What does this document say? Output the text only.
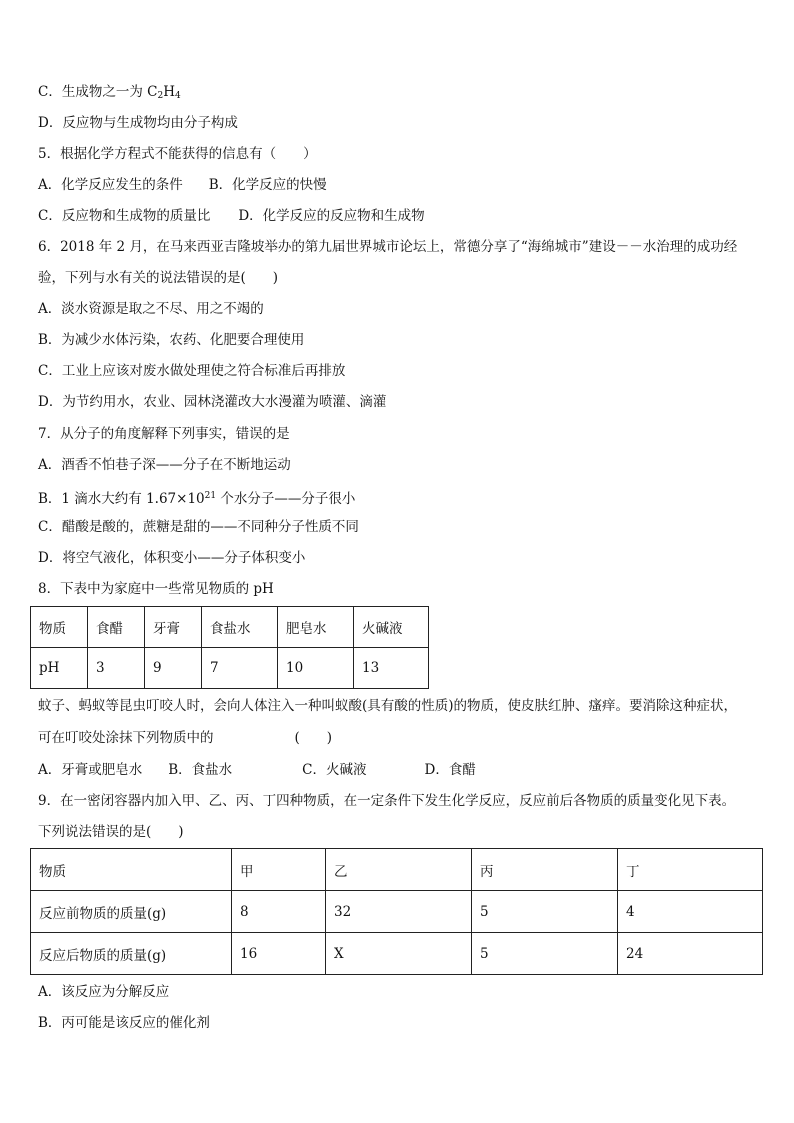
C．生成物之一为 $C_2H_4$
D．反应物与生成物均由分子构成
5．根据化学方程式不能获得的信息有（　　）
A．化学反应发生的条件 B．化学反应的快慢
C．反应物和生成物的质量比 D．化学反应的反应物和生成物
6．2018 年 2 月，在马来西亚吉隆坡举办的第九届世界城市论坛上，常德分享了“海绵城市”建设－－水治理的成功经
验，下列与水有关的说法错误的是(　　)
A．淡水资源是取之不尽、用之不竭的
B．为减少水体污染，农药、化肥要合理使用
C．工业上应该对废水做处理使之符合标准后再排放
D．为节约用水，农业、园林浇灌改大水漫灌为喷灌、滴灌
7．从分子的角度解释下列事实，错误的是
A．酒香不怕巷子深——分子在不断地运动
B．1 滴水大约有 $1.67\times 10^{21}$ 个水分子——分子很小
C．醋酸是酸的，蔗糖是甜的——不同种分子性质不同
D．将空气液化，体积变小——分子体积变小
8．下表中为家庭中一些常见物质的 pH
物质	食醋	牙膏	食盐水	肥皂水	火碱液
pH	3	9	7	10	13
蚊子、蚂蚁等昆虫叮咬人时，会向人体注入一种叫蚁酸(具有酸的性质)的物质，使皮肤红肿、瘙痒。要消除这种症状，
可在叮咬处涂抹下列物质中的　　　　　　(　　)
A．牙膏或肥皂水 B．食盐水	C．火碱液	D．食醋
9．在一密闭容器内加入甲、乙、丙、丁四种物质，在一定条件下发生化学反应，反应前后各物质的质量变化见下表。
下列说法错误的是(　　)
物质	甲	乙	丙	丁
反应前物质的质量(g)	8	32	5	4
反应后物质的质量(g)	16	X	5	24
A．该反应为分解反应
B．丙可能是该反应的催化剂
